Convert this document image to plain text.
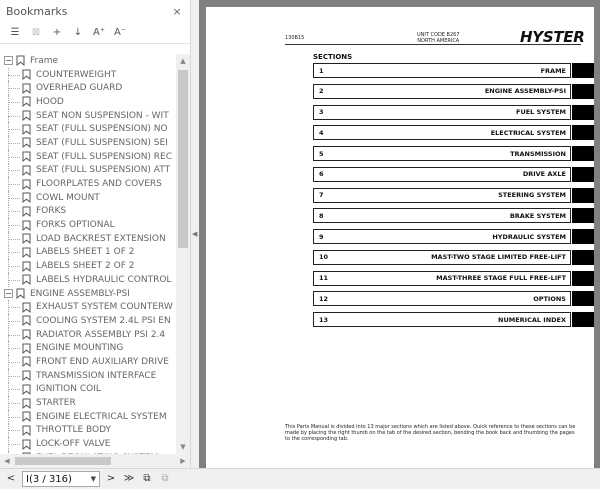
Bookmarks	×
☰ ⊠ + ↓ A⁺ A⁻
− Frame
COUNTERWEIGHT
OVERHEAD GUARD
HOOD
SEAT NON SUSPENSION - WIT
SEAT (FULL SUSPENSION) NO
SEAT (FULL SUSPENSION) SEI
SEAT (FULL SUSPENSION) REC
SEAT (FULL SUSPENSION) ATT
FLOORPLATES AND COVERS
COWL MOUNT
FORKS
FORKS OPTIONAL
LOAD BACKREST EXTENSION
LABELS SHEET 1 OF 2
LABELS SHEET 2 OF 2
LABELS HYDRAULIC CONTROL
− ENGINE ASSEMBLY-PSI
EXHAUST SYSTEM COUNTERW
COOLING SYSTEM 2.4L PSI EN
RADIATOR ASSEMBLY PSI 2.4
ENGINE MOUNTING
FRONT END AUXILIARY DRIVE
TRANSMISSION INTERFACE
IGNITION COIL
STARTER
ENGINE ELECTRICAL SYSTEM
THROTTLE BODY
LOCK-OFF VALVE
▲
▼
◀	▶
◀
130B15	UNIT CODE B267
NORTH AMERICA	HYSTER
SECTIONS
1	FRAME
2	ENGINE ASSEMBLY-PSI
3	FUEL SYSTEM
4	ELECTRICAL SYSTEM
5	TRANSMISSION
6	DRIVE AXLE
7	STEERING SYSTEM
8	BRAKE SYSTEM
9	HYDRAULIC SYSTEM
10	MAST-TWO STAGE LIMITED FREE-LIFT
11	MAST-THREE STAGE FULL FREE-LIFT
12	OPTIONS
13	NUMERICAL INDEX
This Parts Manual is divided into 13 major sections which are listed above. Quick reference to these sections can be made by placing the right thumb on the tab of the desired section, bending the book back and thumbing the pages to the corresponding tab.
< I(3 / 316)	▼ > ≫ ⧉	⧉
